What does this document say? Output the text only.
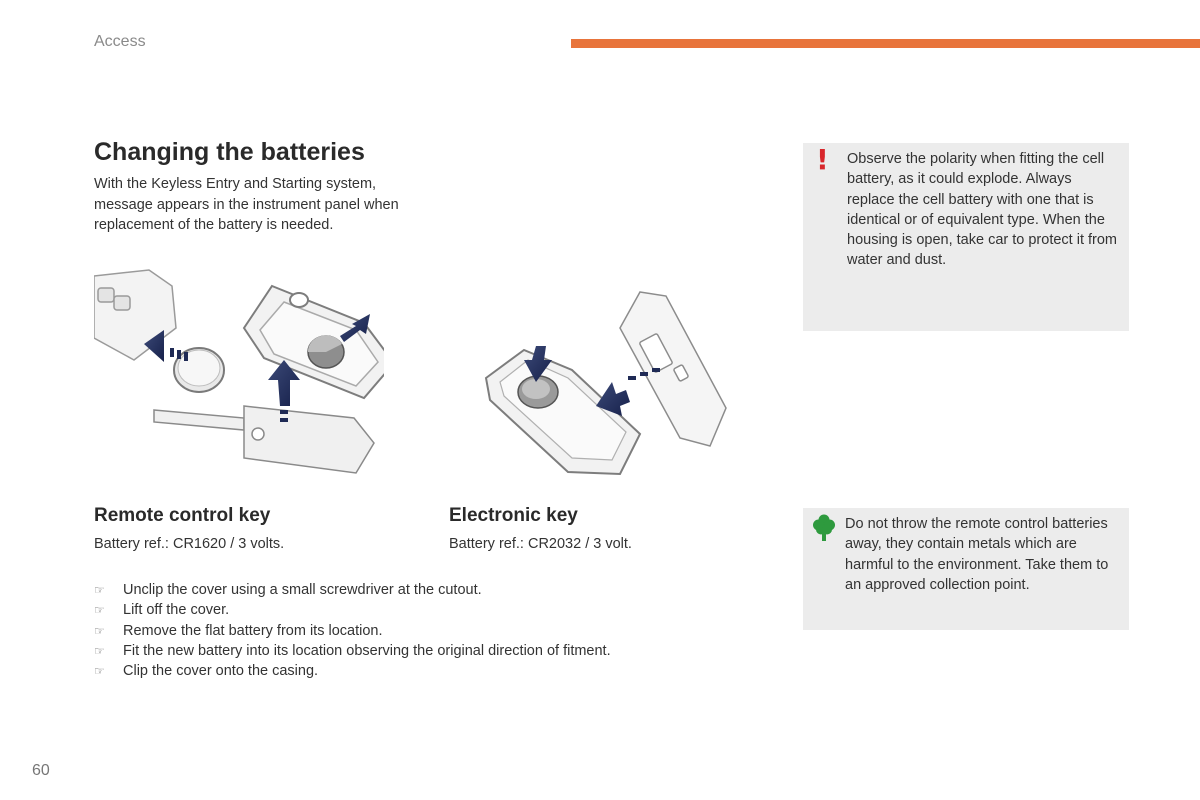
Access
Changing the batteries
With the Keyless Entry and Starting system, message appears in the instrument panel when replacement of the battery is needed.
Remote control key
Battery ref.: CR1620 / 3 volts.
Electronic key
Battery ref.: CR2032 / 3 volt.
☞ Unclip the cover using a small screwdriver at the cutout.
☞ Lift off the cover.
☞ Remove the flat battery from its location.
☞ Fit the new battery into its location observing the original direction of fitment.
☞ Clip the cover onto the casing.
! Observe the polarity when fitting the cell battery, as it could explode. Always replace the cell battery with one that is identical or of equivalent type. When the housing is open, take car to protect it from water and dust.
Do not throw the remote control batteries away, they contain metals which are harmful to the environment. Take them to an approved collection point.
60
